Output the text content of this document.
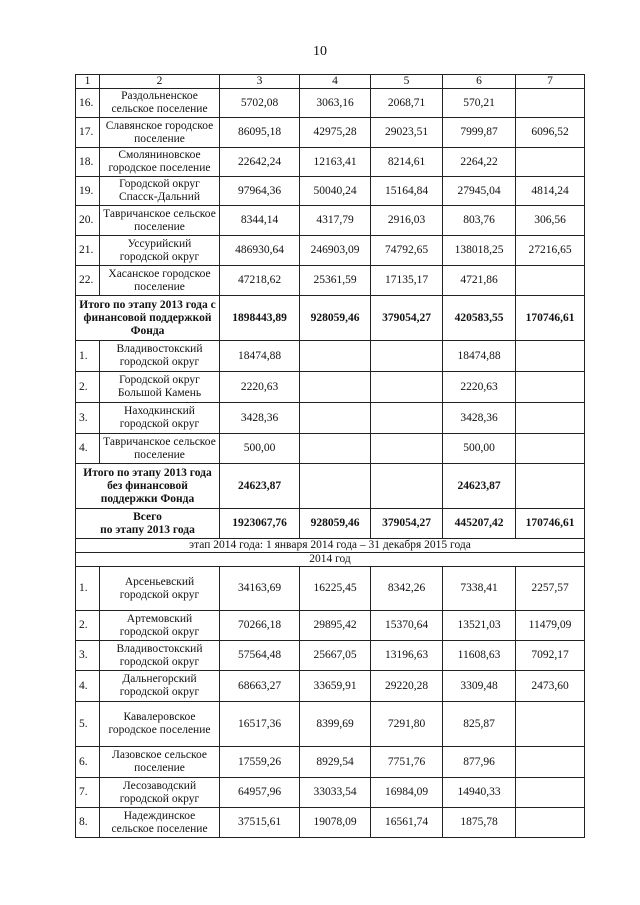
10
1	2	3	4	5	6	7
16.	Раздольненское сельское поселение	5702,08	3063,16	2068,71	570,21	
17.	Славянское городское поселение	86095,18	42975,28	29023,51	7999,87	6096,52
18.	Смоляниновское городское поселение	22642,24	12163,41	8214,61	2264,22	
19.	Городской округ Спасск-Дальний	97964,36	50040,24	15164,84	27945,04	4814,24
20.	Тавричанское сельское поселение	8344,14	4317,79	2916,03	803,76	306,56
21.	Уссурийский городской округ	486930,64	246903,09	74792,65	138018,25	27216,65
22.	Хасанское городское поселение	47218,62	25361,59	17135,17	4721,86	
Итого по этапу 2013 года с финансовой поддержкой Фонда		1898443,89	928059,46	379054,27	420583,55	170746,61
1.	Владивостокский городской округ	18474,88			18474,88	
2.	Городской округ Большой Камень	2220,63			2220,63	
3.	Находкинский городской округ	3428,36			3428,36	
4.	Тавричанское сельское поселение	500,00			500,00	
Итого по этапу 2013 года без финансовой поддержки Фонда		24623,87			24623,87	
Всего
по этапу 2013 года		1923067,76	928059,46	379054,27	445207,42	170746,61
этап 2014 года: 1 января 2014 года – 31 декабря 2015 года						
2014 год						
1.	Арсеньевский городской округ	34163,69	16225,45	8342,26	7338,41	2257,57
2.	Артемовский городской округ	70266,18	29895,42	15370,64	13521,03	11479,09
3.	Владивостокский городской округ	57564,48	25667,05	13196,63	11608,63	7092,17
4.	Дальнегорский городской округ	68663,27	33659,91	29220,28	3309,48	2473,60
5.	Кавалеровское городское поселение	16517,36	8399,69	7291,80	825,87	
6.	Лазовское сельское поселение	17559,26	8929,54	7751,76	877,96	
7.	Лесозаводский городской округ	64957,96	33033,54	16984,09	14940,33	
8.	Надеждинское сельское поселение	37515,61	19078,09	16561,74	1875,78	
